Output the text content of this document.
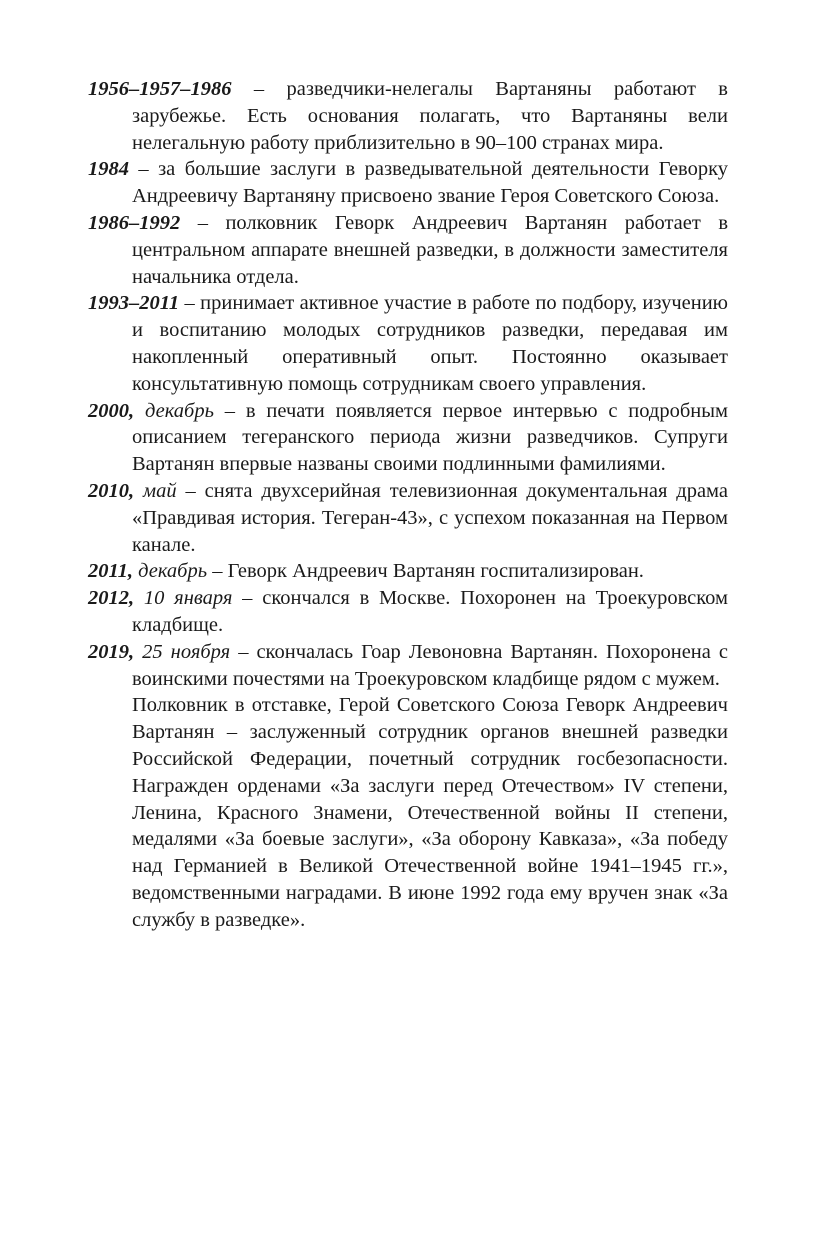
1956–1957–1986 – разведчики-нелегалы Вартаняны работают в зарубежье. Есть основания полагать, что Вартаняны вели нелегальную работу приблизительно в 90–100 странах мира.

1984 – за большие заслуги в разведывательной деятельности Геворку Андреевичу Вартаняну присвоено звание Героя Советского Союза.

1986–1992 – полковник Геворк Андреевич Вартанян работает в центральном аппарате внешней разведки, в должности заместителя начальника отдела.

1993–2011 – принимает активное участие в работе по подбору, изучению и воспитанию молодых сотрудников разведки, передавая им накопленный оперативный опыт. Постоянно оказывает консультативную помощь сотрудникам своего управления.

2000, декабрь – в печати появляется первое интервью с подробным описанием тегеранского периода жизни разведчиков. Супруги Вартанян впервые названы своими подлинными фамилиями.

2010, май – снята двухсерийная телевизионная документальная драма «Правдивая история. Тегеран-43», с успехом показанная на Первом канале.

2011, декабрь – Геворк Андреевич Вартанян госпитализирован.

2012, 10 января – скончался в Москве. Похоронен на Троекуровском кладбище.

2019, 25 ноября – скончалась Гоар Левоновна Вартанян. Похоронена с воинскими почестями на Троекуровском кладбище рядом с мужем.

Полковник в отставке, Герой Советского Союза Геворк Андреевич Вартанян – заслуженный сотрудник органов внешней разведки Российской Федерации, почетный сотрудник госбезопасности. Награжден орденами «За заслуги перед Отечеством» IV степени, Ленина, Красного Знамени, Отечественной войны II степени, медалями «За боевые заслуги», «За оборону Кавказа», «За победу над Германией в Великой Отечественной войне 1941–1945 гг.», ведомственными наградами. В июне 1992 года ему вручен знак «За службу в разведке».
